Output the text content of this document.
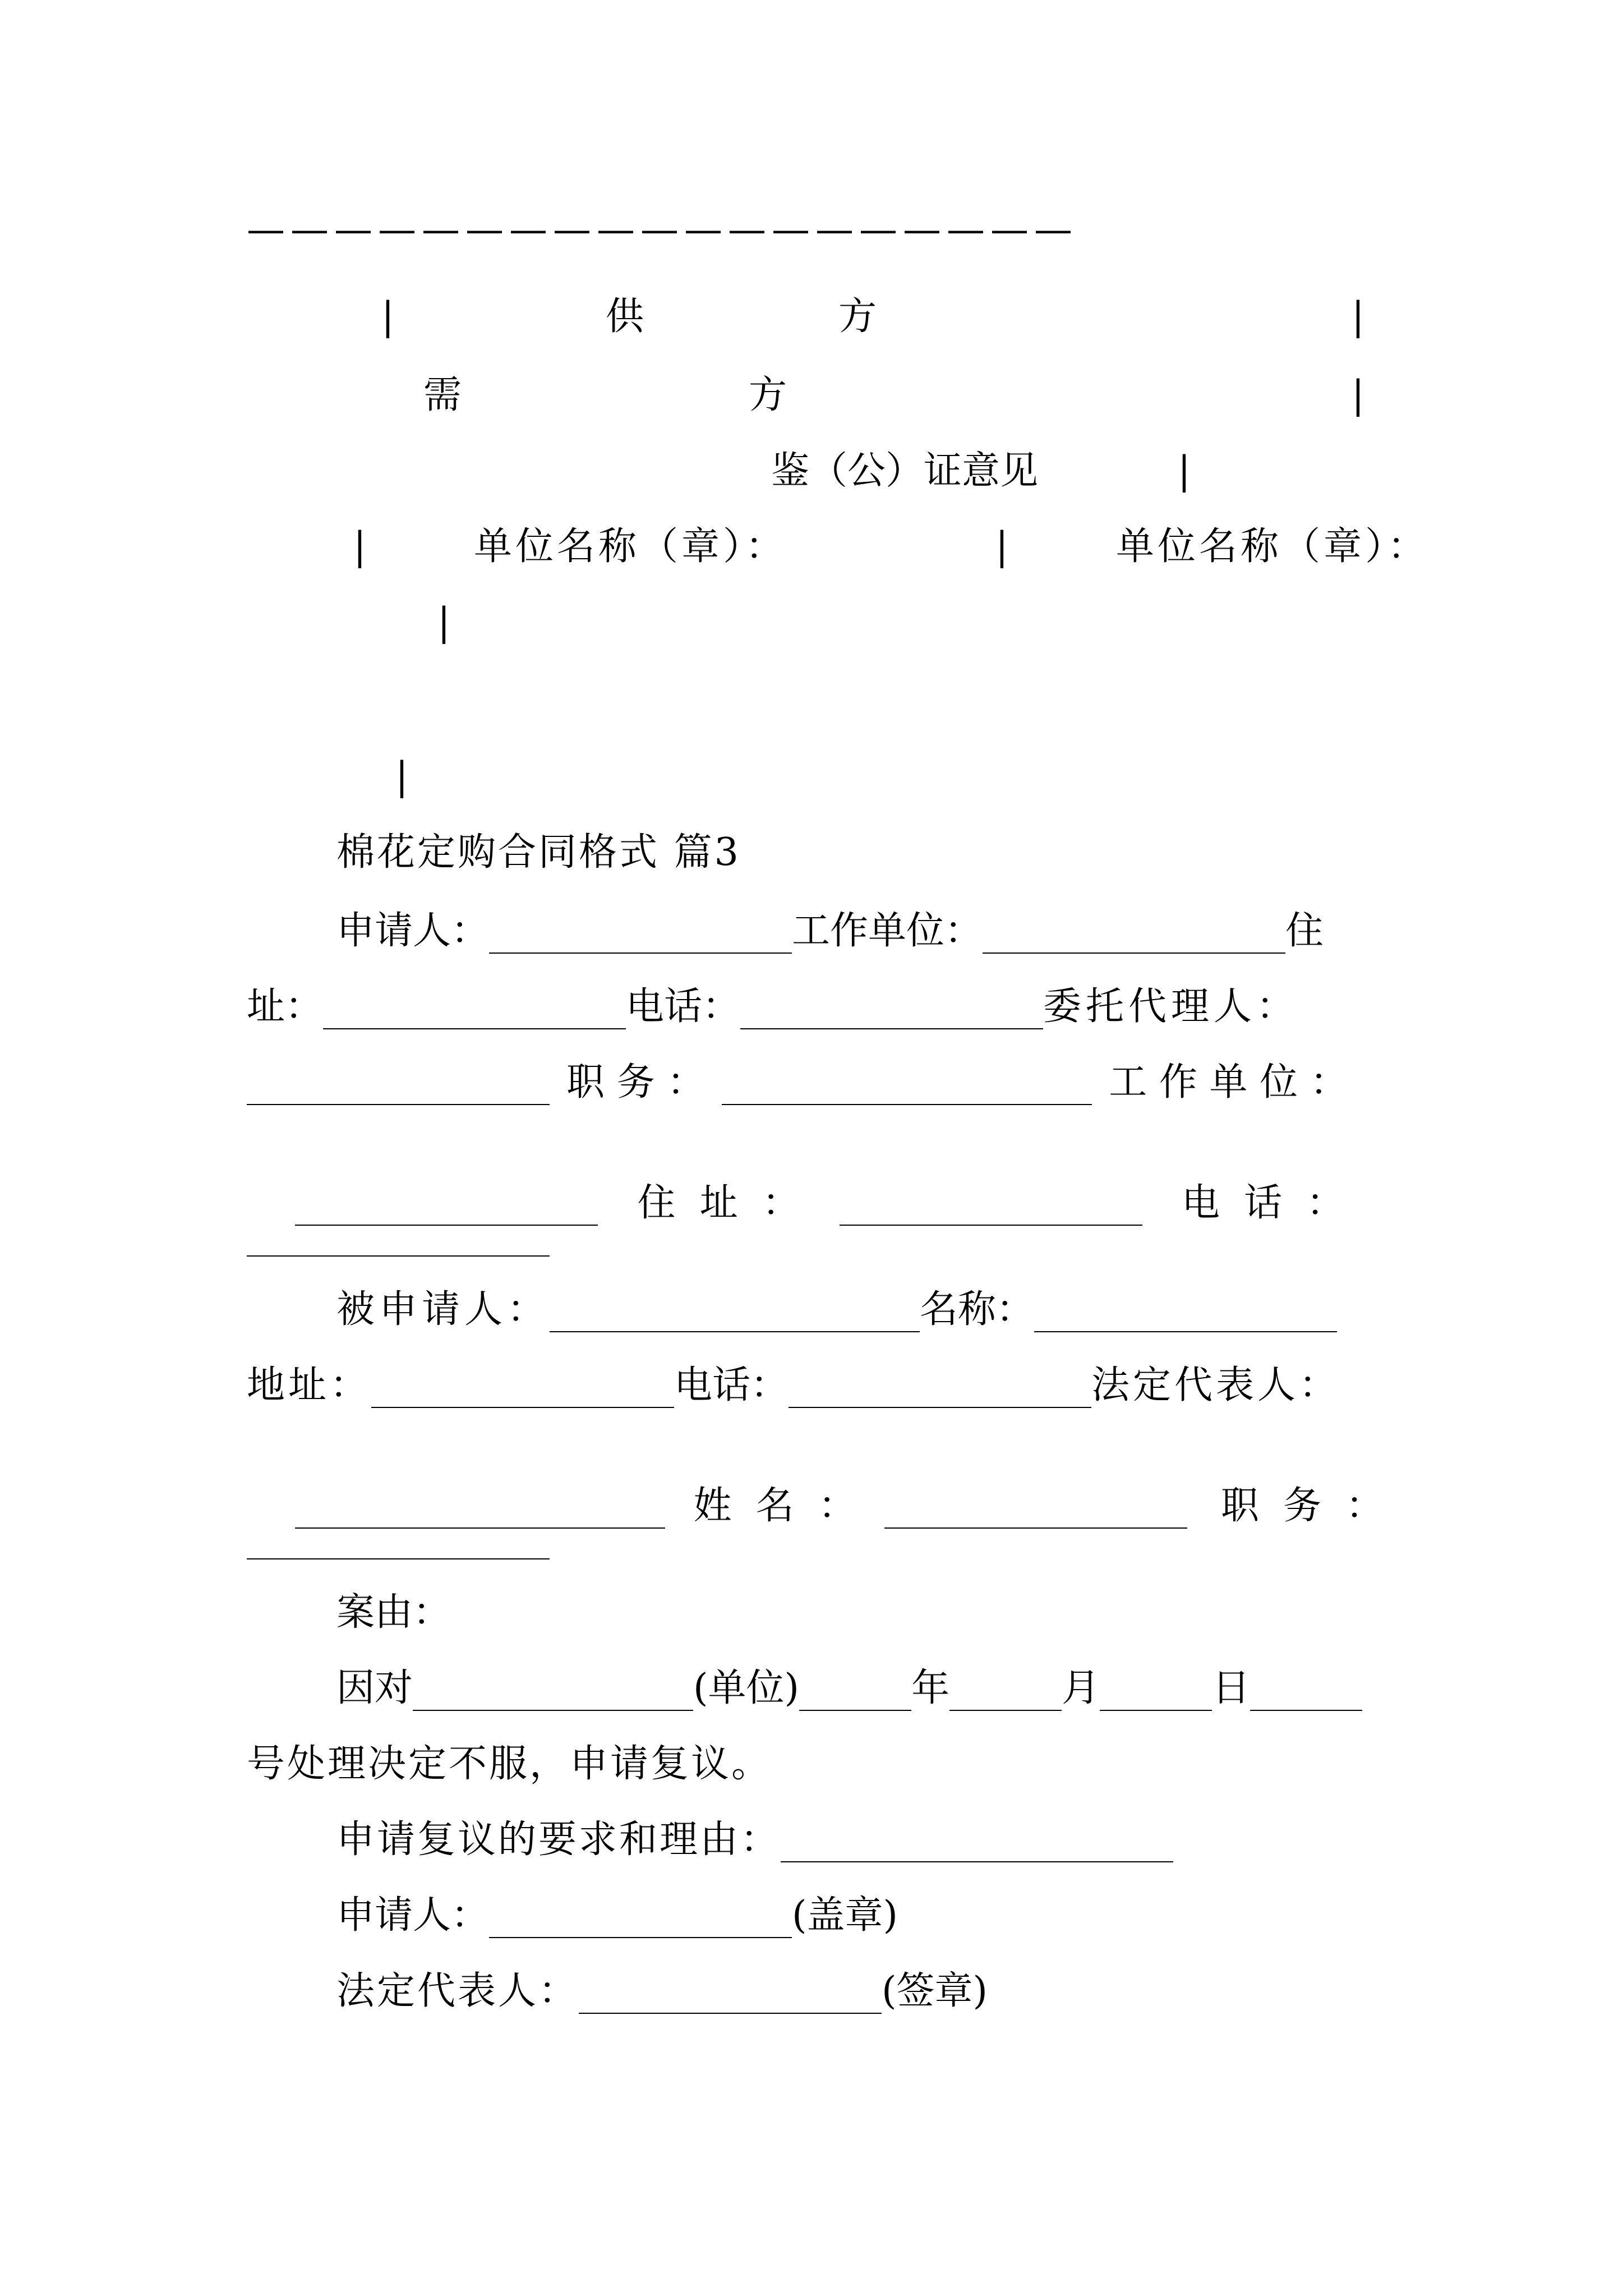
———————————————————
|	供	方	|
需	方	|
鉴（公）证意见	|
|	单位名称（章）：	|	单位名称（章）：
|
|
棉花定购合同格式 篇3
申请人：	工作单位：	住
址：	电话：	委托代理人：
职 务 ：	工 作 单 位 ：

住  址  ：	电  话  ：

被申请人：	名称：
地址：	电话：	法定代表人：

姓  名  ：	职  务  ：

案由：
因对	(单位)	年	月	日
号处理决定不服，申请复议。
申请复议的要求和理由：
申请人：	(盖章)
法定代表人：	(签章)
